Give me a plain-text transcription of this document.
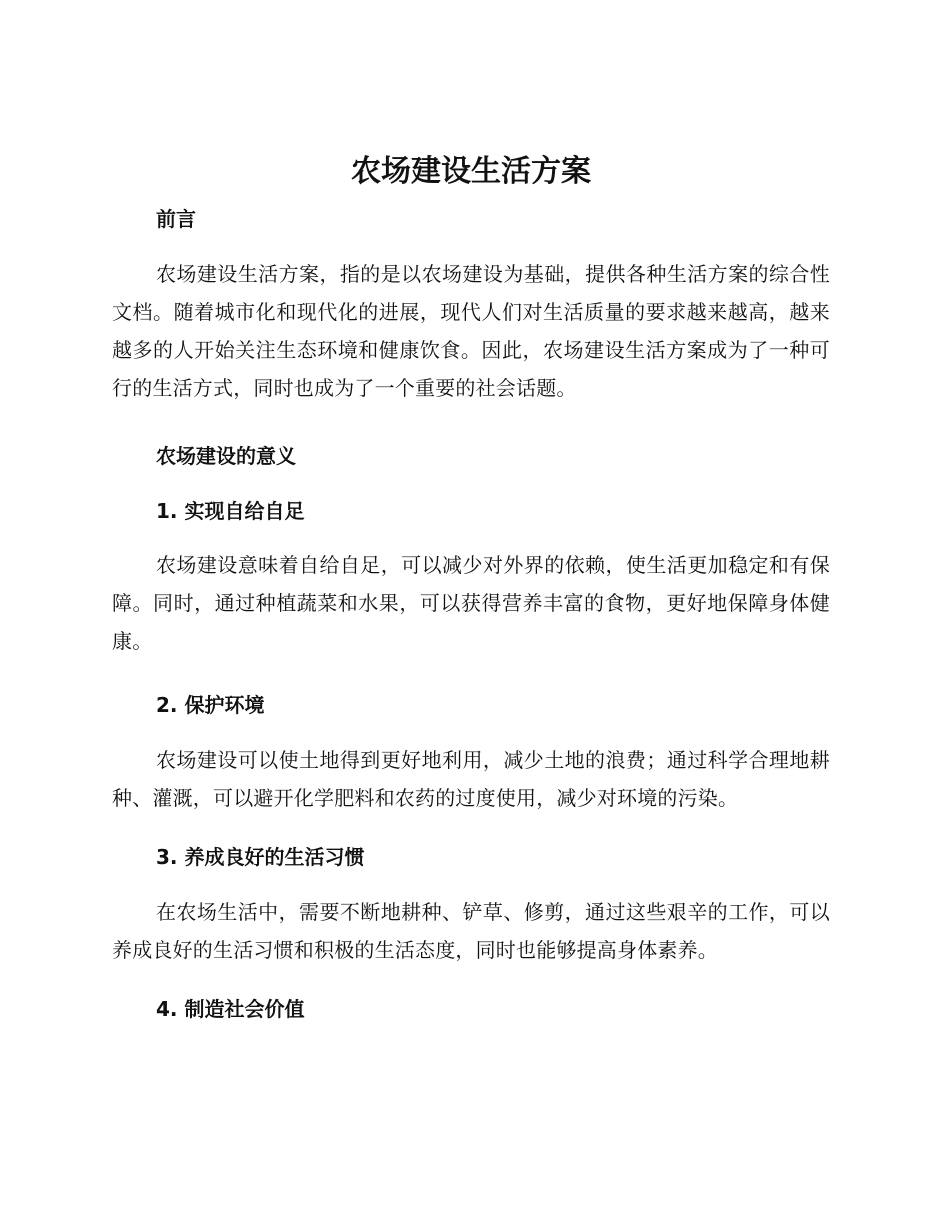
农场建设生活方案
前言

农场建设生活方案，指的是以农场建设为基础，提供各种生活方案的综合性文档。随着城市化和现代化的进展，现代人们对生活质量的要求越来越高，越来越多的人开始关注生态环境和健康饮食。因此，农场建设生活方案成为了一种可行的生活方式，同时也成为了一个重要的社会话题。

农场建设的意义
1. 实现自给自足

农场建设意味着自给自足，可以减少对外界的依赖，使生活更加稳定和有保障。同时，通过种植蔬菜和水果，可以获得营养丰富的食物，更好地保障身体健康。

2. 保护环境

农场建设可以使土地得到更好地利用，减少土地的浪费；通过科学合理地耕种、灌溉，可以避开化学肥料和农药的过度使用，减少对环境的污染。

3. 养成良好的生活习惯

在农场生活中，需要不断地耕种、铲草、修剪，通过这些艰辛的工作，可以养成良好的生活习惯和积极的生活态度，同时也能够提高身体素养。

4. 制造社会价值
